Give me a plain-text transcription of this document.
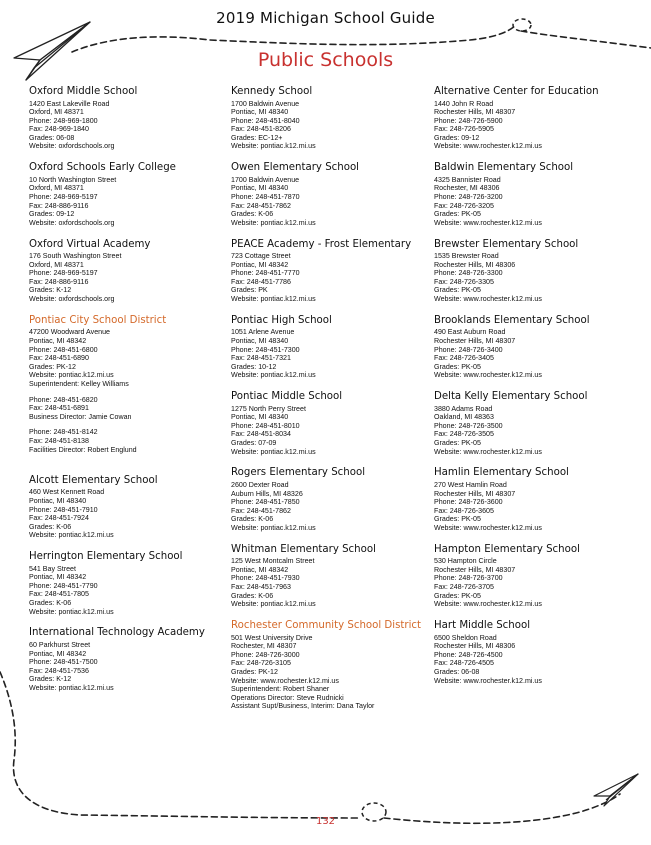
2019 Michigan School Guide
Public Schools
Oxford Middle School
1420 East Lakeville Road
Oxford, MI 48371
Phone: 248-969-1800
Fax: 248-969-1840
Grades: 06-08
Website: oxfordschools.org
Oxford Schools Early College
10 North Washington Street
Oxford, MI 48371
Phone: 248-969-5197
Fax: 248-886-9116
Grades: 09-12
Website: oxfordschools.org
Oxford Virtual Academy
176 South Washington Street
Oxford, MI 48371
Phone: 248-969-5197
Fax: 248-886-9116
Grades: K-12
Website: oxfordschools.org
Pontiac City School District
47200 Woodward Avenue
Pontiac, MI 48342
Phone: 248-451-6800
Fax: 248-451-6890
Grades: PK-12
Website: pontiac.k12.mi.us
Superintendent: Kelley Williams
Phone: 248-451-6820
Fax: 248-451-6891
Business Director: Jamie Cowan
Phone: 248-451-8142
Fax: 248-451-8138
Facilities Director: Robert Englund
Alcott Elementary School
460 West Kennett Road
Pontiac, MI 48340
Phone: 248-451-7910
Fax: 248-451-7924
Grades: K-06
Website: pontiac.k12.mi.us
Herrington Elementary School
541 Bay Street
Pontiac, MI 48342
Phone: 248-451-7790
Fax: 248-451-7805
Grades: K-06
Website: pontiac.k12.mi.us
International Technology Academy
60 Parkhurst Street
Pontiac, MI 48342
Phone: 248-451-7500
Fax: 248-451-7536
Grades: K-12
Website: pontiac.k12.mi.us
Kennedy School
1700 Baldwin Avenue
Pontiac, MI 48340
Phone: 248-451-8040
Fax: 248-451-8206
Grades: EC-12+
Website: pontiac.k12.mi.us
Owen Elementary School
1700 Baldwin Avenue
Pontiac, MI 48340
Phone: 248-451-7870
Fax: 248-451-7862
Grades: K-06
Website: pontiac.k12.mi.us
PEACE Academy - Frost Elementary
723 Cottage Street
Pontiac, MI 48342
Phone: 248-451-7770
Fax: 248-451-7786
Grades: PK
Website: pontiac.k12.mi.us
Pontiac High School
1051 Arlene Avenue
Pontiac, MI 48340
Phone: 248-451-7300
Fax: 248-451-7321
Grades: 10-12
Website: pontiac.k12.mi.us
Pontiac Middle School
1275 North Perry Street
Pontiac, MI 48340
Phone: 248-451-8010
Fax: 248-451-8034
Grades: 07-09
Website: pontiac.k12.mi.us
Rogers Elementary School
2600 Dexter Road
Auburn Hills, MI 48326
Phone: 248-451-7850
Fax: 248-451-7862
Grades: K-06
Website: pontiac.k12.mi.us
Whitman Elementary School
125 West Montcalm Street
Pontiac, MI 48342
Phone: 248-451-7930
Fax: 248-451-7963
Grades: K-06
Website: pontiac.k12.mi.us
Rochester Community School District
501 West University Drive
Rochester, MI 48307
Phone: 248-726-3000
Fax: 248-726-3105
Grades: PK-12
Website: www.rochester.k12.mi.us
Superintendent: Robert Shaner
Operations Director: Steve Rudnicki
Assistant Supt/Business, Interim: Dana Taylor
Alternative Center for Education
1440 John R Road
Rochester Hills, MI 48307
Phone: 248-726-5900
Fax: 248-726-5905
Grades: 09-12
Website: www.rochester.k12.mi.us
Baldwin Elementary School
4325 Bannister Road
Rochester, MI 48306
Phone: 248-726-3200
Fax: 248-726-3205
Grades: PK-05
Website: www.rochester.k12.mi.us
Brewster Elementary School
1535 Brewster Road
Rochester Hills, MI 48306
Phone: 248-726-3300
Fax: 248-726-3305
Grades: PK-05
Website: www.rochester.k12.mi.us
Brooklands Elementary School
490 East Auburn Road
Rochester Hills, MI 48307
Phone: 248-726-3400
Fax: 248-726-3405
Grades: PK-05
Website: www.rochester.k12.mi.us
Delta Kelly Elementary School
3880 Adams Road
Oakland, MI 48363
Phone: 248-726-3500
Fax: 248-726-3505
Grades: PK-05
Website: www.rochester.k12.mi.us
Hamlin Elementary School
270 West Hamlin Road
Rochester Hills, MI 48307
Phone: 248-726-3600
Fax: 248-726-3605
Grades: PK-05
Website: www.rochester.k12.mi.us
Hampton Elementary School
530 Hampton Circle
Rochester Hills, MI 48307
Phone: 248-726-3700
Fax: 248-726-3705
Grades: PK-05
Website: www.rochester.k12.mi.us
Hart Middle School
6500 Sheldon Road
Rochester Hills, MI 48306
Phone: 248-726-4500
Fax: 248-726-4505
Grades: 06-08
Website: www.rochester.k12.mi.us
132
